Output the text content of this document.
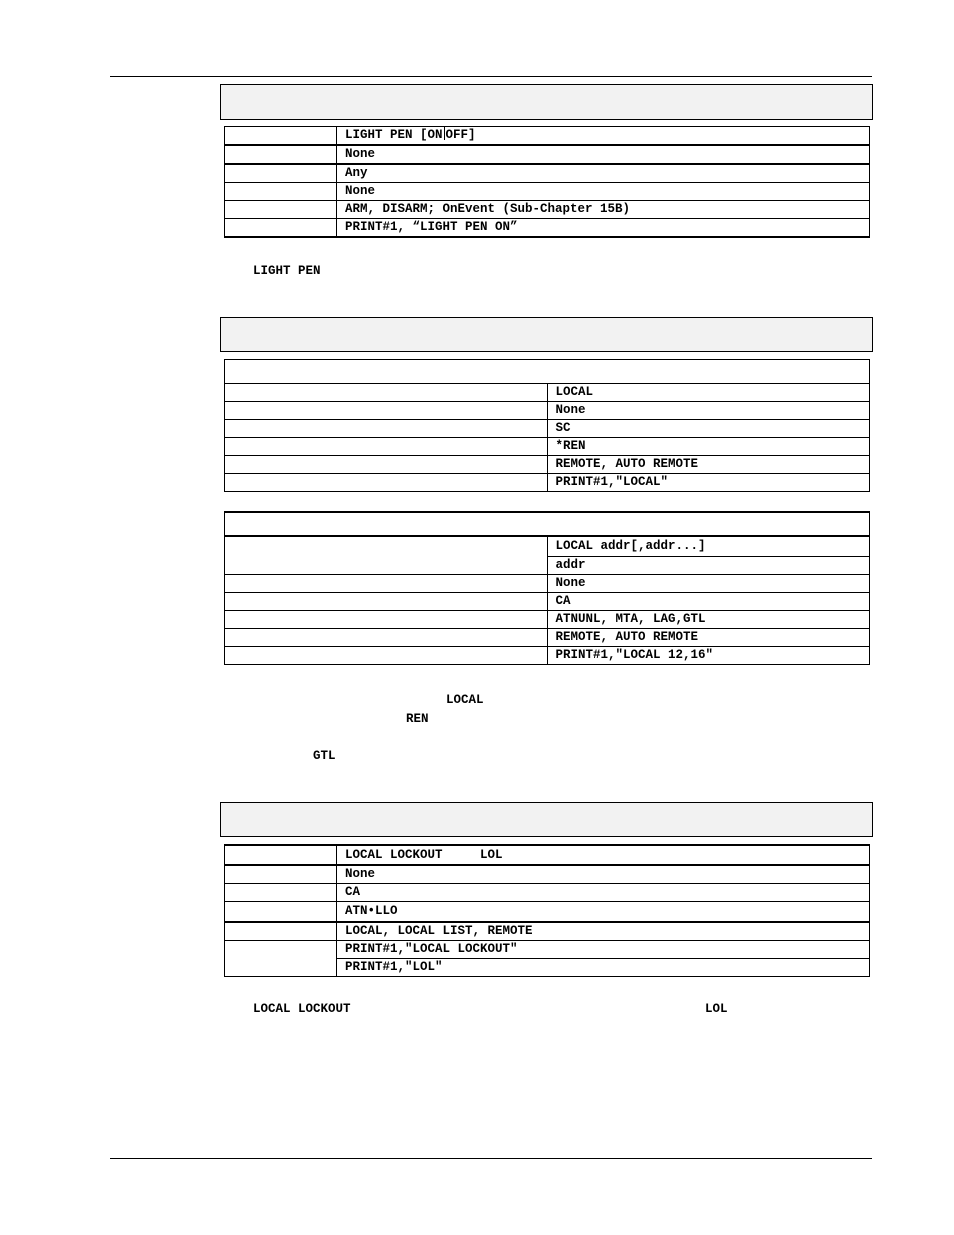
	LIGHT PEN [ON OFF]
	None
	Any
	None
	ARM, DISARM; OnEvent (Sub-Chapter 15B)
	PRINT#1, “LIGHT PEN ON”
LIGHT PEN

	LOCAL
	None
	SC
	*REN
	REMOTE, AUTO REMOTE
	PRINT#1,"LOCAL"

	LOCAL addr[,addr...]
	addr
	None
	CA
	ATNUNL, MTA, LAG,GTL
	REMOTE, AUTO REMOTE
	PRINT#1,"LOCAL 12,16"
LOCAL
REN
GTL
	LOCAL LOCKOUT LOL
	None
	CA
	ATN•LLO
	LOCAL, LOCAL LIST, REMOTE
	PRINT#1,"LOCAL LOCKOUT"
	PRINT#1,"LOL"
LOCAL LOCKOUT	LOL
